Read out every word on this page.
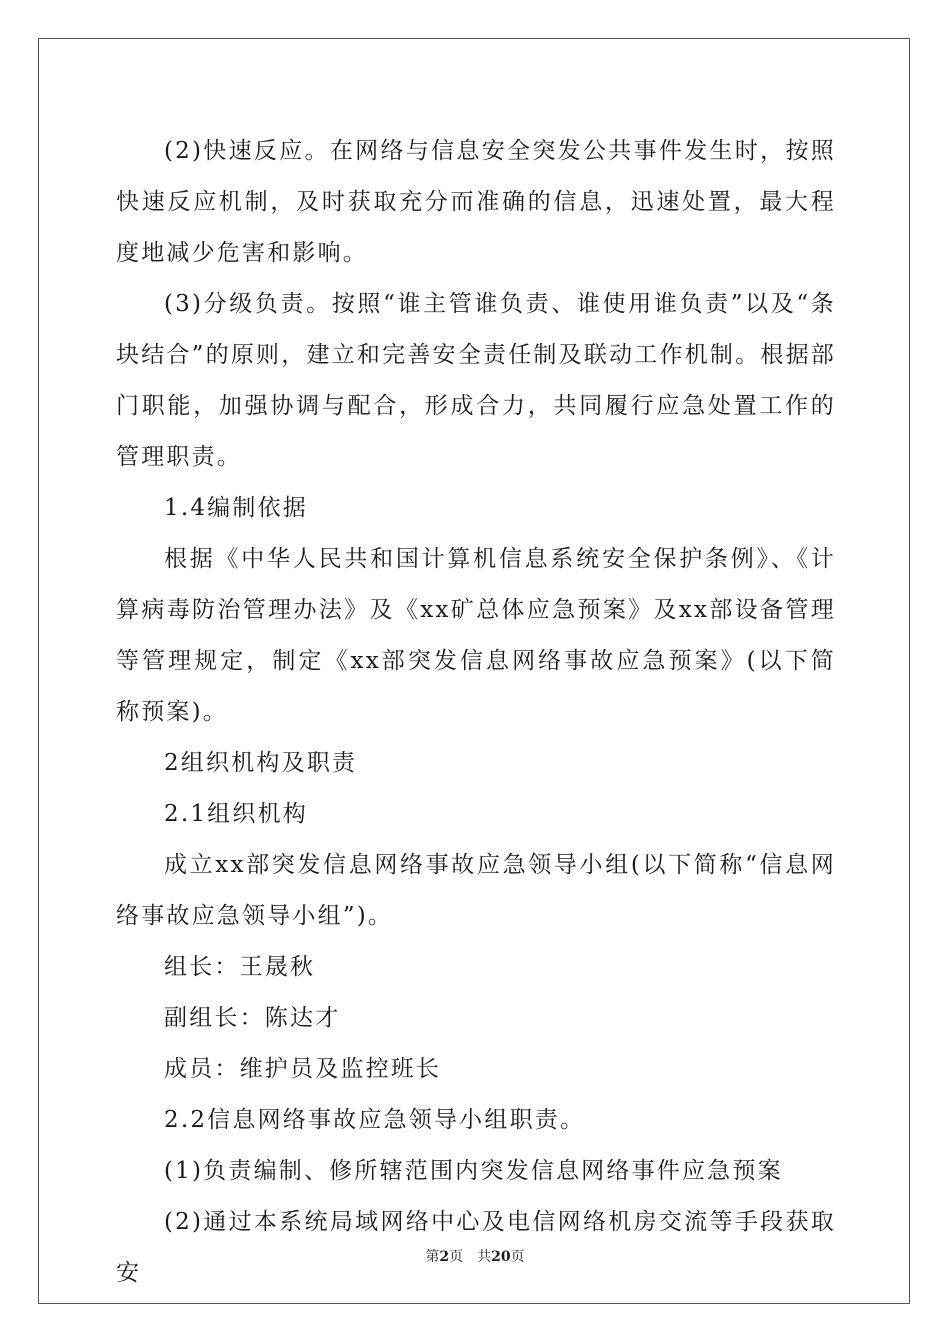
(2)快速反应。在网络与信息安全突发公共事件发生时，按照快速反应机制，及时获取充分而准确的信息，迅速处置，最大程度地减少危害和影响。

(3)分级负责。按照“谁主管谁负责、谁使用谁负责”以及“条块结合”的原则，建立和完善安全责任制及联动工作机制。根据部门职能，加强协调与配合，形成合力，共同履行应急处置工作的管理职责。

1.4编制依据

根据《中华人民共和国计算机信息系统安全保护条例》、《计算病毒防治管理办法》及《xx矿总体应急预案》及xx部设备管理等管理规定，制定《xx部突发信息网络事故应急预案》(以下简称预案)。

2组织机构及职责

2.1组织机构

成立xx部突发信息网络事故应急领导小组(以下简称“信息网络事故应急领导小组”)。

组长：王晟秋

副组长：陈达才

成员：维护员及监控班长

2.2信息网络事故应急领导小组职责。

(1)负责编制、修所辖范围内突发信息网络事件应急预案

(2)通过本系统局域网络中心及电信网络机房交流等手段获取安

第2页 共20页
